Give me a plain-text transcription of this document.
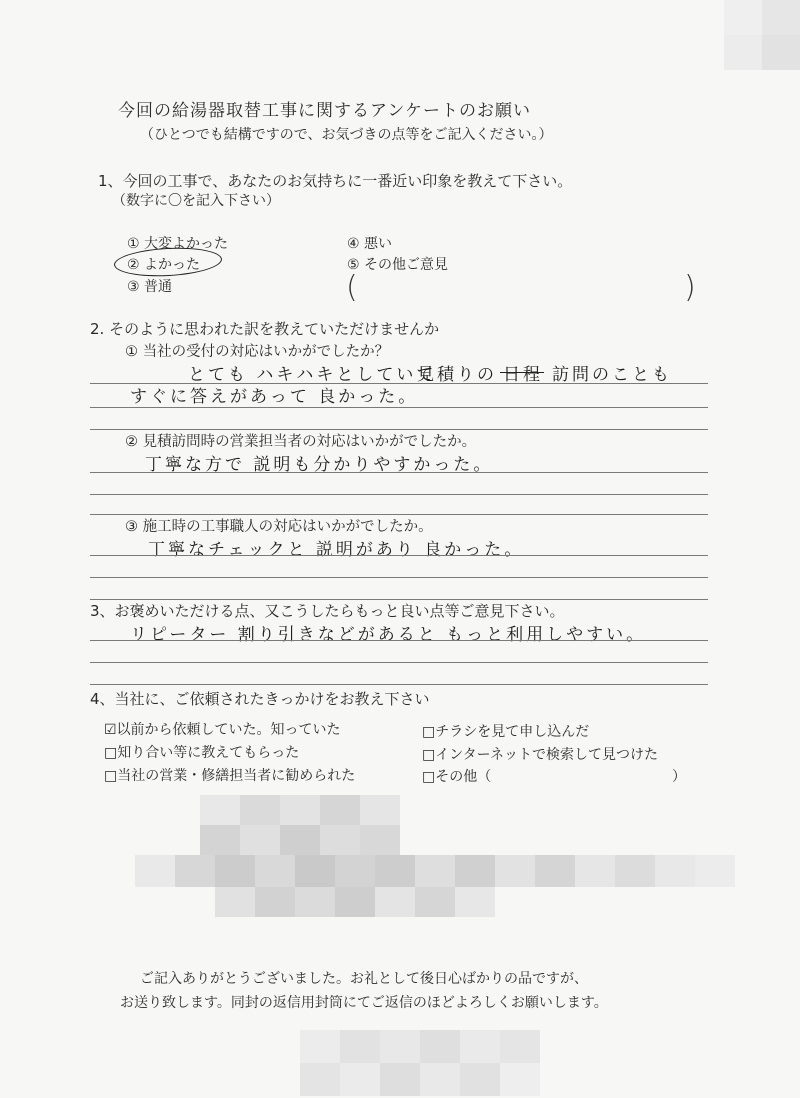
今回の給湯器取替工事に関するアンケートのお願い
（ひとつでも結構ですので、お気づきの点等をご記入ください。）
1、今回の工事で、あなたのお気持ちに一番近い印象を教えて下さい。
（数字に〇を記入下さい）
① 大変よかった
② よかった
③ 普通
④ 悪い
⑤ その他ご意見
(	)
2. そのように思われた訳を教えていただけませんか
① 当社の受付の対応はいかがでしたか？
とても ハキハキとしていて
見積りの 日程 訪問のことも
すぐに答えがあって 良かった。
② 見積訪問時の営業担当者の対応はいかがでしたか。
丁寧な方で 説明も分かりやすかった。
③ 施工時の工事職人の対応はいかがでしたか。
丁寧なチェックと 説明があり 良かった。
3、お褒めいただける点、又こうしたらもっと良い点等ご意見下さい。
リピーター 割り引きなどがあると もっと利用しやすい。
4、当社に、ご依頼されたきっかけをお教え下さい
☑以前から依頼していた。知っていた
□知り合い等に教えてもらった
□当社の営業・修繕担当者に勧められた
□チラシを見て申し込んだ
□インターネットで検索して見つけた
□その他（	）
ご記入ありがとうございました。お礼として後日心ばかりの品ですが、
お送り致します。同封の返信用封筒にてご返信のほどよろしくお願いします。
